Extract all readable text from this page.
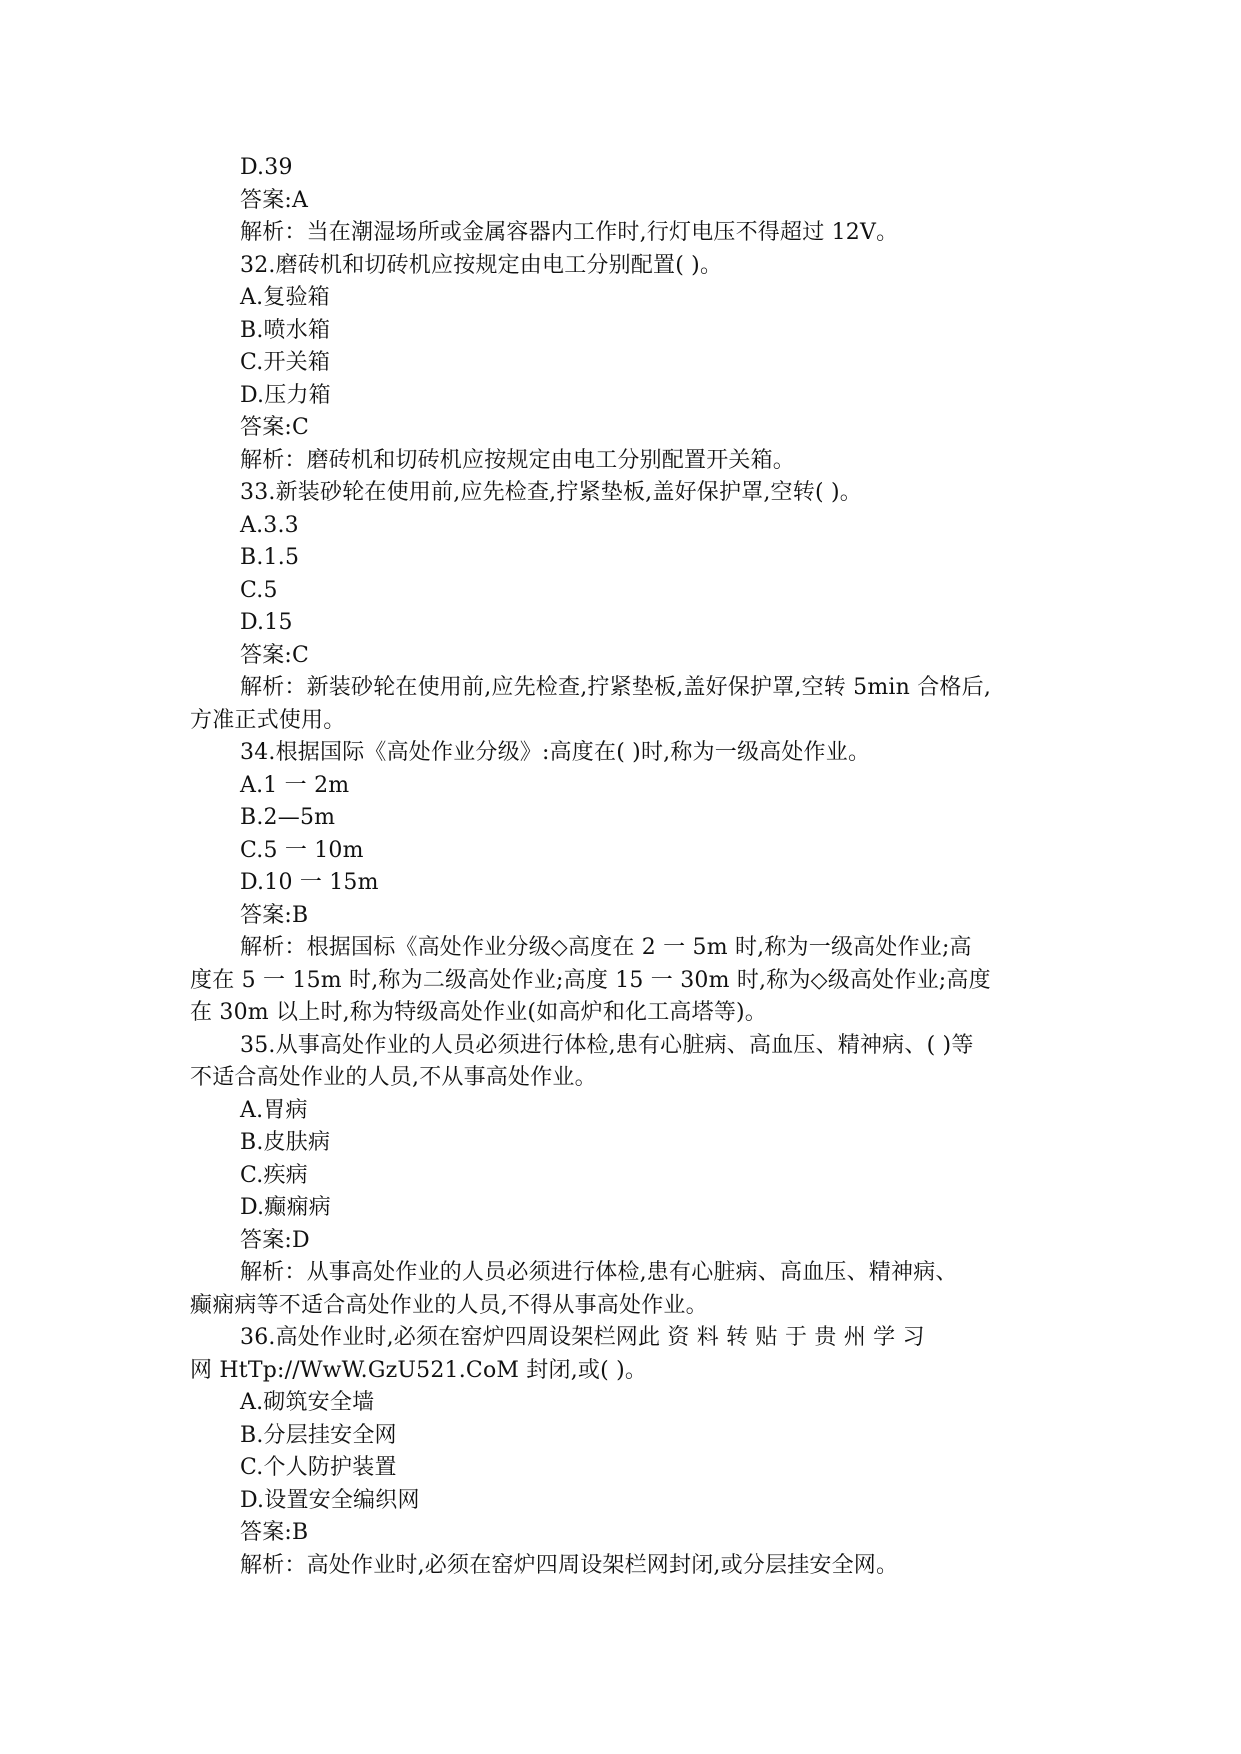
D.39
答案:A
解析：当在潮湿场所或金属容器内工作时,行灯电压不得超过 12V。
32.磨砖机和切砖机应按规定由电工分别配置( )。
A.复验箱
B.喷水箱
C.开关箱
D.压力箱
答案:C
解析：磨砖机和切砖机应按规定由电工分别配置开关箱。
33.新装砂轮在使用前,应先检查,拧紧垫板,盖好保护罩,空转( )。
A.3.3
B.1.5
C.5
D.15
答案:C
解析：新装砂轮在使用前,应先检查,拧紧垫板,盖好保护罩,空转 5min 合格后,
方准正式使用。
34.根据国际《高处作业分级》:高度在( )时,称为一级高处作业。
A.1 一 2m
B.2—5m
C.5 一 10m
D.10 一 15m
答案:B
解析：根据国标《高处作业分级◇高度在 2 一 5m 时,称为一级高处作业;高
度在 5 一 15m 时,称为二级高处作业;高度 15 一 30m 时,称为◇级高处作业;高度
在 30m 以上时,称为特级高处作业(如高炉和化工高塔等)。
35.从事高处作业的人员必须进行体检,患有心脏病、高血压、精神病、( )等
不适合高处作业的人员,不从事高处作业。
A.胃病
B.皮肤病
C.疾病
D.癫痫病
答案:D
解析：从事高处作业的人员必须进行体检,患有心脏病、高血压、精神病、
癫痫病等不适合高处作业的人员,不得从事高处作业。
36.高处作业时,必须在窑炉四周设架栏网此 资 料 转 贴 于 贵 州 学 习
网 HtTp://WwW.GzU521.CoM 封闭,或( )。
A.砌筑安全墙
B.分层挂安全网
C.个人防护装置
D.设置安全编织网
答案:B
解析：高处作业时,必须在窑炉四周设架栏网封闭,或分层挂安全网。
